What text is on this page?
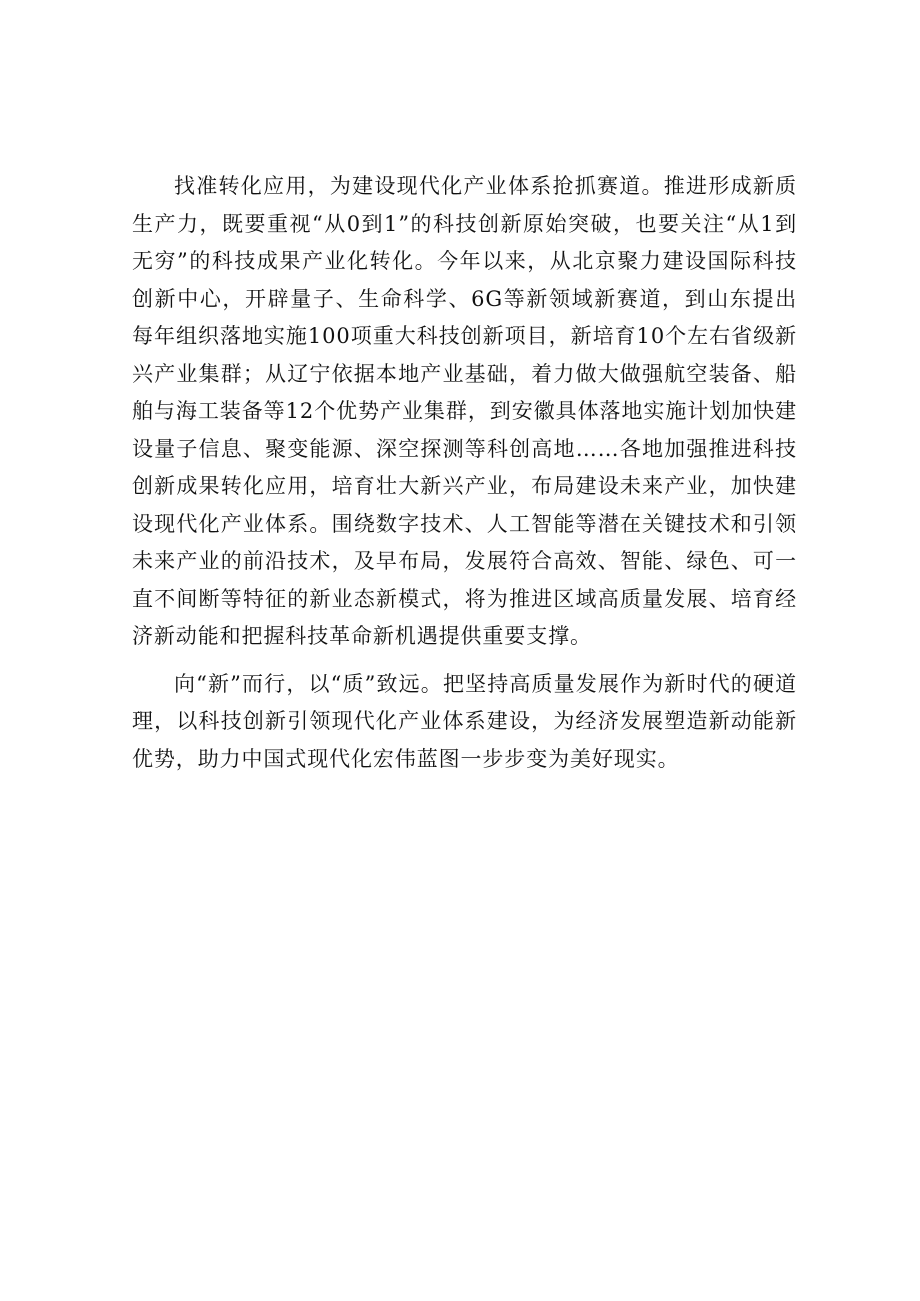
找准转化应用，为建设现代化产业体系抢抓赛道。推进形成新质生产力，既要重视“从0到1”的科技创新原始突破，也要关注“从1到无穷”的科技成果产业化转化。今年以来，从北京聚力建设国际科技创新中心，开辟量子、生命科学、6G等新领域新赛道，到山东提出每年组织落地实施100项重大科技创新项目，新培育10个左右省级新兴产业集群；从辽宁依据本地产业基础，着力做大做强航空装备、船舶与海工装备等12个优势产业集群，到安徽具体落地实施计划加快建设量子信息、聚变能源、深空探测等科创高地……各地加强推进科技创新成果转化应用，培育壮大新兴产业，布局建设未来产业，加快建设现代化产业体系。围绕数字技术、人工智能等潜在关键技术和引领未来产业的前沿技术，及早布局，发展符合高效、智能、绿色、可一直不间断等特征的新业态新模式，将为推进区域高质量发展、培育经济新动能和把握科技革命新机遇提供重要支撑。

向“新”而行，以“质”致远。把坚持高质量发展作为新时代的硬道理，以科技创新引领现代化产业体系建设，为经济发展塑造新动能新优势，助力中国式现代化宏伟蓝图一步步变为美好现实。
